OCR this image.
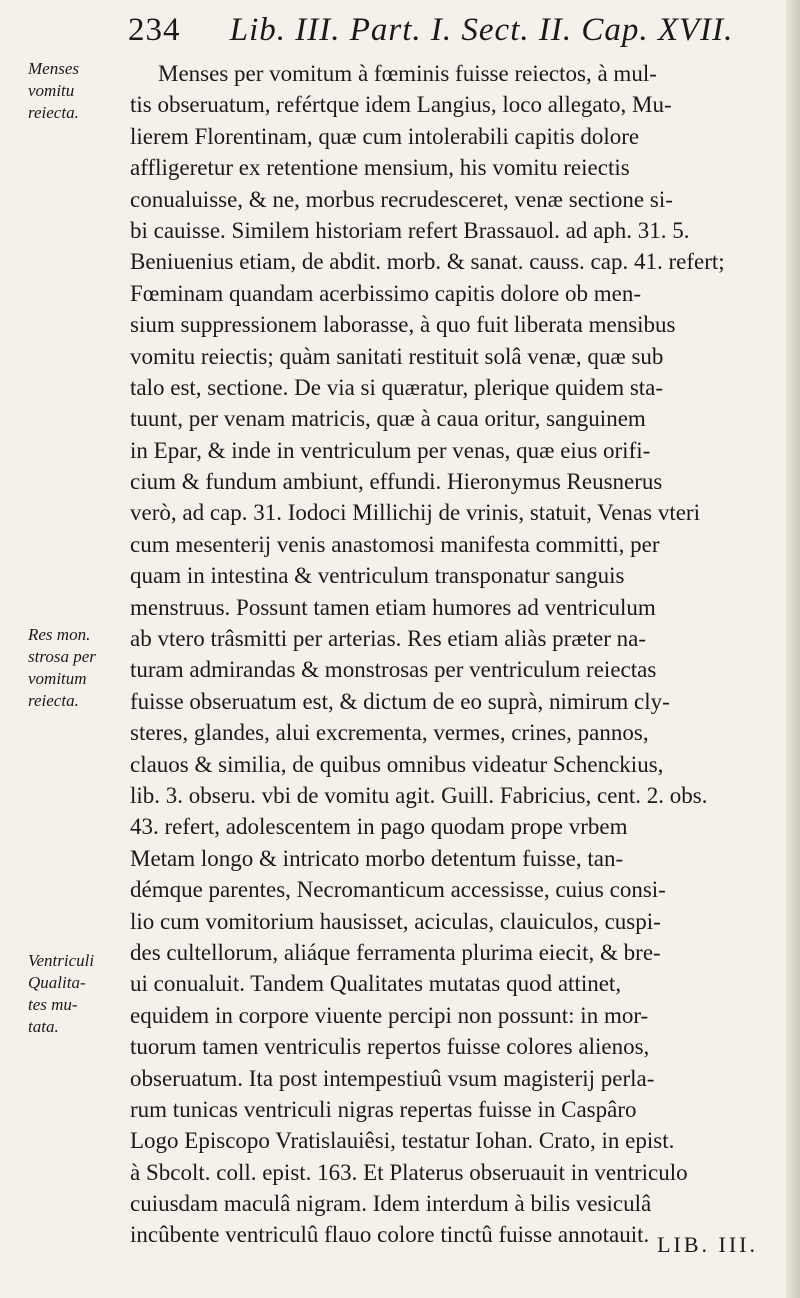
234 Lib. III. Part. I. Sect. II. Cap. XVII.
Menses
vomitu
reiecta.
Res mon.
strosa per
vomitum
reiecta.
Ventriculi
Qualita-
tes mu-
tata.
Menses per vomitum à fœminis fuisse reiectos, à mul-
tis obseruatum, refértque idem Langius, loco allegato, Mu-
lierem Florentinam, quæ cum intolerabili capitis dolore
affligeretur ex retentione mensium, his vomitu reiectis
conualuisse, & ne, morbus recrudesceret, venæ sectione si-
bi cauisse. Similem historiam refert Brassauol. ad aph. 31. 5.
Beniuenius etiam, de abdit. morb. & sanat. causs. cap. 41. refert;
Fœminam quandam acerbissimo capitis dolore ob men-
sium suppressionem laborasse, à quo fuit liberata mensibus
vomitu reiectis; quàm sanitati restituit solâ venæ, quæ sub
talo est, sectione. De via si quæratur, plerique quidem sta-
tuunt, per venam matricis, quæ à caua oritur, sanguinem
in Epar, & inde in ventriculum per venas, quæ eius orifi-
cium & fundum ambiunt, effundi. Hieronymus Reusnerus
verò, ad cap. 31. Iodoci Millichij de vrinis, statuit, Venas vteri
cum mesenterij venis anastomosi manifesta committi, per
quam in intestina & ventriculum transponatur sanguis
menstruus. Possunt tamen etiam humores ad ventriculum
ab vtero trâsmitti per arterias. Res etiam aliàs præter na-
turam admirandas & monstrosas per ventriculum reiectas
fuisse obseruatum est, & dictum de eo suprà, nimirum cly-
steres, glandes, alui excrementa, vermes, crines, pannos,
clauos & similia, de quibus omnibus videatur Schenckius,
lib. 3. obseru. vbi de vomitu agit. Guill. Fabricius, cent. 2. obs.
43. refert, adolescentem in pago quodam prope vrbem
Metam longo & intricato morbo detentum fuisse, tan-
démque parentes, Necromanticum accessisse, cuius consi-
lio cum vomitorium hausisset, aciculas, clauiculos, cuspi-
des cultellorum, aliáque ferramenta plurima eiecit, & bre-
ui conualuit. Tandem Qualitates mutatas quod attinet,
equidem in corpore viuente percipi non possunt: in mor-
tuorum tamen ventriculis repertos fuisse colores alienos,
obseruatum. Ita post intempestiuû vsum magisterij perla-
rum tunicas ventriculi nigras repertas fuisse in Caspâro
Logo Episcopo Vratislauiêsi, testatur Iohan. Crato, in epist.
à Sbcolt. coll. epist. 163. Et Platerus obseruauit in ventriculo
cuiusdam maculâ nigram. Idem interdum à bilis vesiculâ
incûbente ventriculû flauo colore tinctû fuisse annotauit. LIB. III.
